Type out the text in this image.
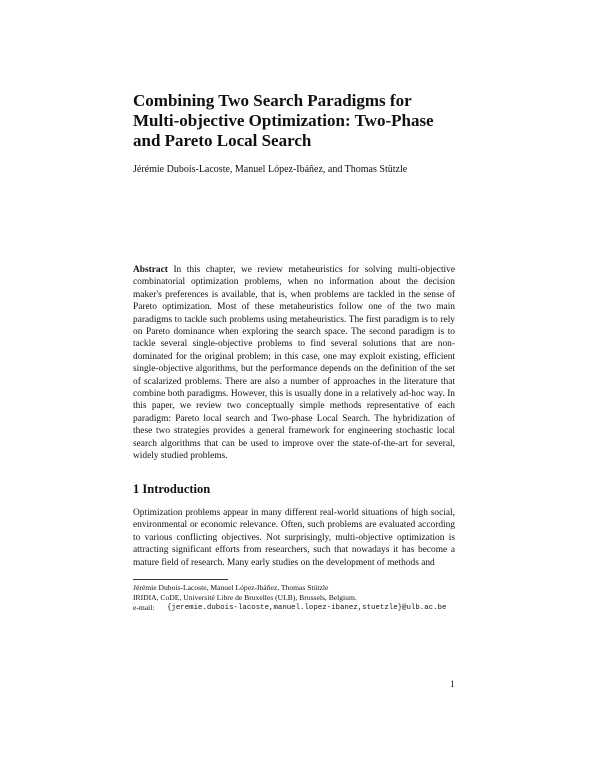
Combining Two Search Paradigms for Multi-objective Optimization: Two-Phase and Pareto Local Search
Jérémie Dubois-Lacoste, Manuel López-Ibáñez, and Thomas Stützle

Abstract In this chapter, we review metaheuristics for solving multi-objective combinatorial optimization problems, when no information about the decision maker's preferences is available, that is, when problems are tackled in the sense of Pareto optimization. Most of these metaheuristics follow one of the two main paradigms to tackle such problems using metaheuristics. The first paradigm is to rely on Pareto dominance when exploring the search space. The second paradigm is to tackle several single-objective problems to find several solutions that are non-dominated for the original problem; in this case, one may exploit existing, efficient single-objective algorithms, but the performance depends on the definition of the set of scalarized problems. There are also a number of approaches in the literature that combine both paradigms. However, this is usually done in a relatively ad-hoc way. In this paper, we review two conceptually simple methods representative of each paradigm: Pareto local search and Two-phase Local Search. The hybridization of these two strategies provides a general framework for engineering stochastic local search algorithms that can be used to improve over the state-of-the-art for several, widely studied problems.

1 Introduction

Optimization problems appear in many different real-world situations of high social, environmental or economic relevance. Often, such problems are evaluated according to various conflicting objectives. Not surprisingly, multi-objective optimization is attracting significant efforts from researchers, such that nowadays it has become a mature field of research. Many early studies on the development of methods and

Jérémie Dubois-Lacoste, Manuel López-Ibáñez, Thomas Stützle
IRIDIA, CoDE, Université Libre de Bruxelles (ULB), Brussels, Belgium.
e-mail:	{jeremie.dubois-lacoste,manuel.lopez-ibanez,stuetzle}@ulb.ac.be
1
